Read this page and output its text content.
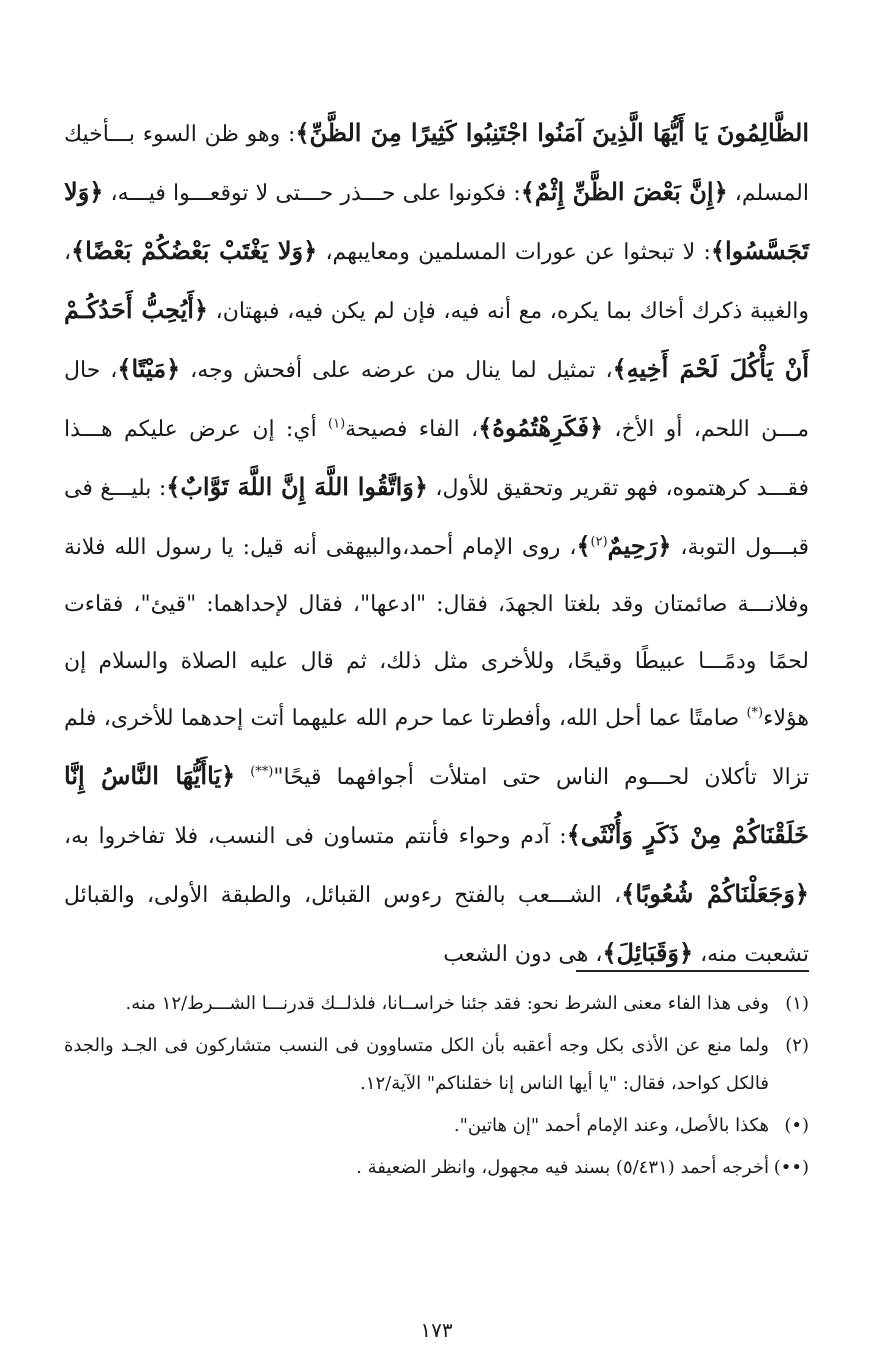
الظَّالِمُونَ يَا أَيُّهَا الَّذِينَ آمَنُوا اجْتَنِبُوا كَثِيرًا مِنَ الظَّنِّ﴾: وهو ظن السوء بـــأخيك المسلم، ﴿إِنَّ بَعْضَ الظَّنِّ إِثْمٌ﴾: فكونوا على حـــذر حـــتى لا توقعـــوا فيـــه، ﴿وَلا تَجَسَّسُوا﴾: لا تبحثوا عن عورات المسلمين ومعايبهم، ﴿وَلا يَغْتَبْ بَعْضُكُمْ بَعْضًا﴾، والغيبة ذكرك أخاك بما يكره، مع أنه فيه، فإن لم يكن فيه، فبهتان، ﴿أَيُحِبُّ أَحَدُكُـمْ أَنْ يَأْكُلَ لَحْمَ أَخِيهِ﴾، تمثيل لما ينال من عرضه على أفحش وجه، ﴿مَيْتًا﴾، حال مـــن اللحم، أو الأخ، ﴿فَكَرِهْتُمُوهُ﴾، الفاء فصيحة$^{(١)}$ أي: إن عرض عليكم هـــذا فقـــد كرهتموه، فهو تقرير وتحقيق للأول، ﴿وَاتَّقُوا اللَّهَ إِنَّ اللَّهَ تَوَّابٌ﴾: بليـــغ فى قبـــول التوبة، ﴿رَحِيمٌ$^{(٢)}$﴾، روى الإمام أحمد،والبيهقى أنه قيل: يا رسول الله فلانة وفلانـــة صائمتان وقد بلغتا الجهدَ، فقال: "ادعها"، فقال لإحداهما: "قيئ"، فقاءت لحمًا ودمًـــا عبيطًا وقيحًا، وللأخرى مثل ذلك، ثم قال عليه الصلاة والسلام إن هؤلاء(*) صامتًا عما أحل الله، وأفطرتا عما حرم الله عليهما أتت إحدهما للأخرى، فلم تزالا تأكلان لحـــوم الناس حتى امتلأت أجوافهما قيحًا"(**) ﴿يَاأَيُّهَا النَّاسُ إِنَّا خَلَقْنَاكُمْ مِنْ ذَكَرٍ وَأُنْثَى﴾: آدم وحواء فأنتم متساون فى النسب، فلا تفاخروا به، ﴿وَجَعَلْنَاكُمْ شُعُوبًا﴾، الشـــعب بالفتح رءوس القبائل، والطبقة الأولى، والقبائل تشعبت منه، ﴿وَقَبَائِلَ﴾، هى دون الشعب

(١)وفى هذا الفاء معنى الشرط نحو: فقد جئنا خراســانا، فلذلــك قدرنـــا الشـــرط/١٢ منه.
(٢)ولما منع عن الأذى بكل وجه أعقبه بأن الكل متساوون فى النسب متشاركون فى الجـد والجدة فالكل كواحد، فقال: "يا أيها الناس إنا خقلناكم" الآية/١٢.
(•)هكذا بالأصل، وعند الإمام أحمد "إن هاتين".
(••)أخرجه أحمد (٥/٤٣١) بسند فيه مجهول، وانظر الضعيفة .
١٧٣
